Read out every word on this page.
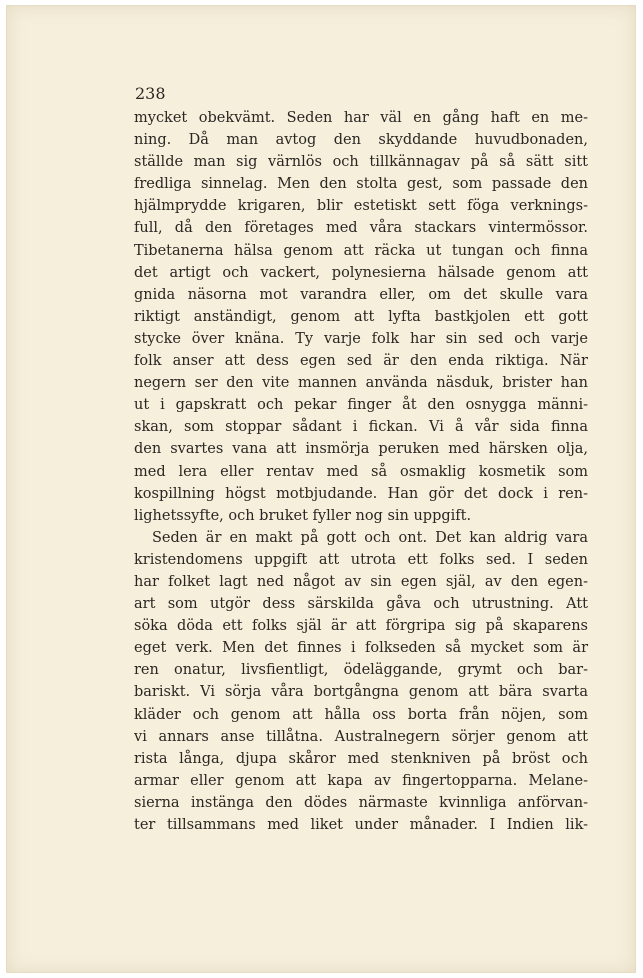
238
mycket obekvämt. Seden har väl en gång haft en me-
ning. Då man avtog den skyddande huvudbonaden,
ställde man sig värnlös och tillkännagav på så sätt sitt
fredliga sinnelag. Men den stolta gest, som passade den
hjälmprydde krigaren, blir estetiskt sett föga verknings-
full, då den företages med våra stackars vintermössor.
Tibetanerna hälsa genom att räcka ut tungan och finna
det artigt och vackert, polynesierna hälsade genom att
gnida näsorna mot varandra eller, om det skulle vara
riktigt anständigt, genom att lyfta bastkjolen ett gott
stycke över knäna. Ty varje folk har sin sed och varje
folk anser att dess egen sed är den enda riktiga. När
negern ser den vite mannen använda näsduk, brister han
ut i gapskratt och pekar finger åt den osnygga männi-
skan, som stoppar sådant i fickan. Vi å vår sida finna
den svartes vana att insmörja peruken med härsken olja,
med lera eller rentav med så osmaklig kosmetik som
kospillning högst motbjudande. Han gör det dock i ren-
lighetssyfte, och bruket fyller nog sin uppgift.
Seden är en makt på gott och ont. Det kan aldrig vara
kristendomens uppgift att utrota ett folks sed. I seden
har folket lagt ned något av sin egen själ, av den egen-
art som utgör dess särskilda gåva och utrustning. Att
söka döda ett folks själ är att förgripa sig på skaparens
eget verk. Men det finnes i folkseden så mycket som är
ren onatur, livsfientligt, ödeläggande, grymt och bar-
bariskt. Vi sörja våra bortgångna genom att bära svarta
kläder och genom att hålla oss borta från nöjen, som
vi annars anse tillåtna. Australnegern sörjer genom att
rista långa, djupa skåror med stenkniven på bröst och
armar eller genom att kapa av fingertopparna. Melane-
sierna instänga den dödes närmaste kvinnliga anförvan-
ter tillsammans med liket under månader. I Indien lik-
